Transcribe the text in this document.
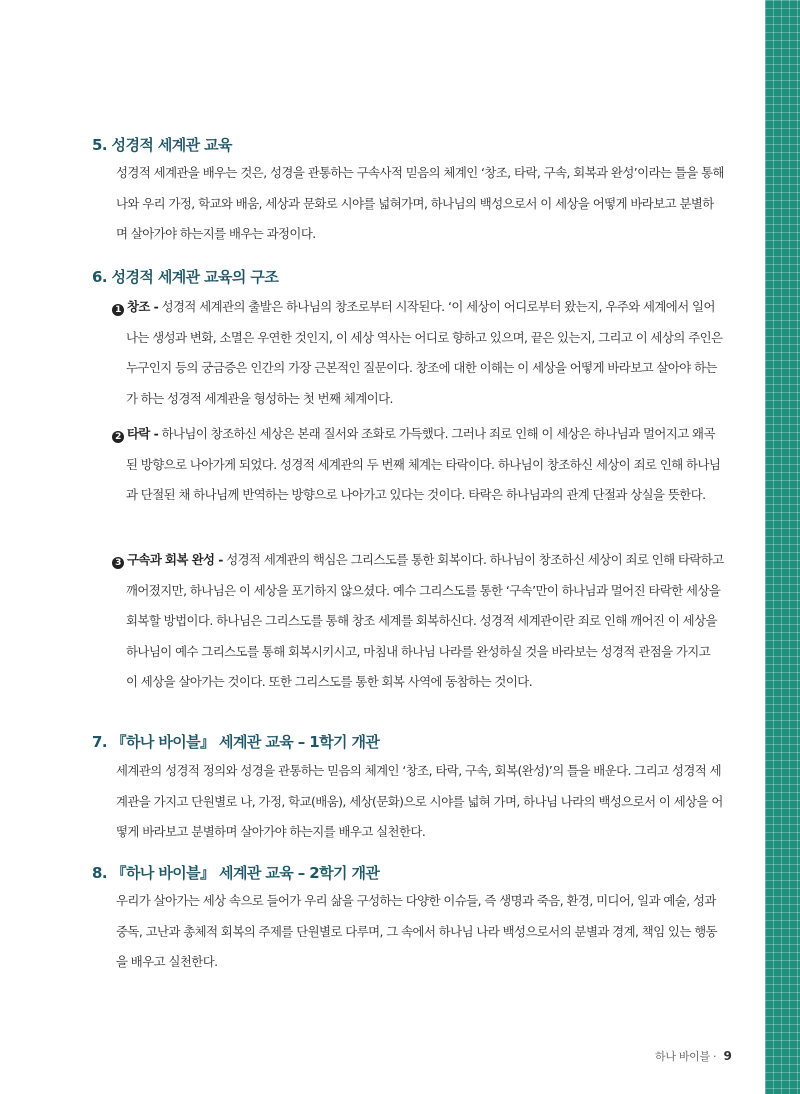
5. 성경적 세계관 교육

성경적 세계관을 배우는 것은, 성경을 관통하는 구속사적 믿음의 체계인 ‘창조, 타락, 구속, 회복과 완성’이라는 틀을 통해 나와 우리 가정, 학교와 배움, 세상과 문화로 시야를 넓혀가며, 하나님의 백성으로서 이 세상을 어떻게 바라보고 분별하며 살아가야 하는지를 배우는 과정이다.

6. 성경적 세계관 교육의 구조

1 창조 - 성경적 세계관의 출발은 하나님의 창조로부터 시작된다. ‘이 세상이 어디로부터 왔는지, 우주와 세계에서 일어나는 생성과 변화, 소멸은 우연한 것인지, 이 세상 역사는 어디로 향하고 있으며, 끝은 있는지, 그리고 이 세상의 주인은 누구인지 등의 궁금증은 인간의 가장 근본적인 질문이다. 창조에 대한 이해는 이 세상을 어떻게 바라보고 살아야 하는가 하는 성경적 세계관을 형성하는 첫 번째 체계이다.

2 타락 - 하나님이 창조하신 세상은 본래 질서와 조화로 가득했다. 그러나 죄로 인해 이 세상은 하나님과 멀어지고 왜곡된 방향으로 나아가게 되었다. 성경적 세계관의 두 번째 체계는 타락이다. 하나님이 창조하신 세상이 죄로 인해 하나님과 단절된 채 하나님께 반역하는 방향으로 나아가고 있다는 것이다. 타락은 하나님과의 관계 단절과 상실을 뜻한다.

3 구속과 회복 완성 - 성경적 세계관의 핵심은 그리스도를 통한 회복이다. 하나님이 창조하신 세상이 죄로 인해 타락하고 깨어졌지만, 하나님은 이 세상을 포기하지 않으셨다. 예수 그리스도를 통한 ‘구속’만이 하나님과 멀어진 타락한 세상을 회복할 방법이다. 하나님은 그리스도를 통해 창조 세계를 회복하신다. 성경적 세계관이란 죄로 인해 깨어진 이 세상을 하나님이 예수 그리스도를 통해 회복시키시고, 마침내 하나님 나라를 완성하실 것을 바라보는 성경적 관점을 가지고 이 세상을 살아가는 것이다. 또한 그리스도를 통한 회복 사역에 동참하는 것이다.

7. 『하나 바이블』 세계관 교육 – 1학기 개관

세계관의 성경적 정의와 성경을 관통하는 믿음의 체계인 ‘창조, 타락, 구속, 회복(완성)’의 틀을 배운다. 그리고 성경적 세계관을 가지고 단원별로 나, 가정, 학교(배움), 세상(문화)으로 시야를 넓혀 가며, 하나님 나라의 백성으로서 이 세상을 어떻게 바라보고 분별하며 살아가야 하는지를 배우고 실천한다.

8. 『하나 바이블』 세계관 교육 – 2학기 개관

우리가 살아가는 세상 속으로 들어가 우리 삶을 구성하는 다양한 이슈들, 즉 생명과 죽음, 환경, 미디어, 일과 예술, 성과 중독, 고난과 총체적 회복의 주제를 단원별로 다루며, 그 속에서 하나님 나라 백성으로서의 분별과 경계, 책임 있는 행동을 배우고 실천한다.

하나 바이블 · 9
